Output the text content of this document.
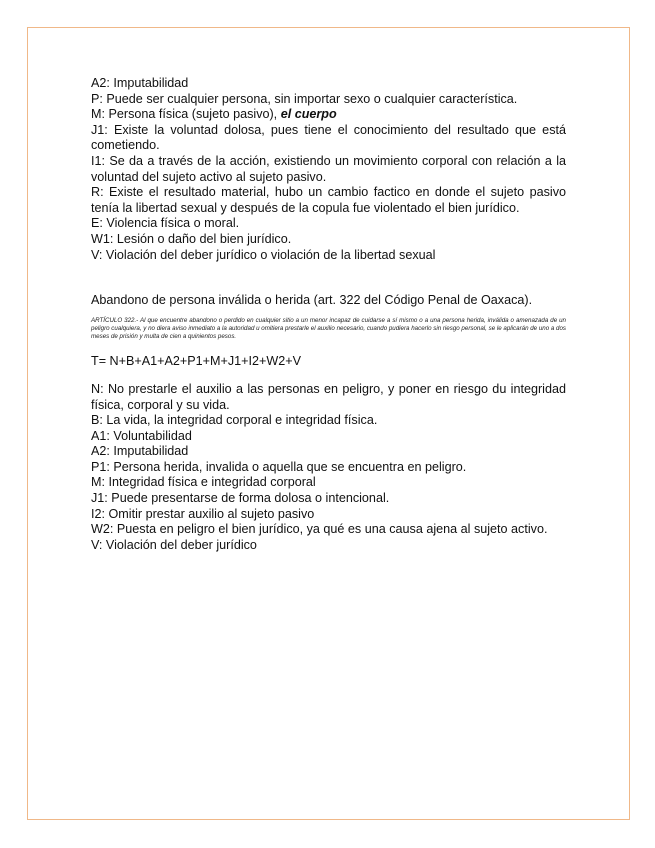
A2: Imputabilidad

P: Puede ser cualquier persona, sin importar sexo o cualquier característica.

M: Persona física (sujeto pasivo), el cuerpo

J1: Existe la voluntad dolosa, pues tiene el conocimiento del resultado que está cometiendo.

I1: Se da a través de la acción, existiendo un movimiento corporal con relación a la voluntad del sujeto activo al sujeto pasivo.

R: Existe el resultado material, hubo un cambio factico en donde el sujeto pasivo tenía la libertad sexual y después de la copula fue violentado el bien jurídico.

E: Violencia física o moral.

W1: Lesión o daño del bien jurídico.

V: Violación del deber jurídico o violación de la libertad sexual

Abandono de persona inválida o herida (art. 322 del Código Penal de Oaxaca).

ARTÍCULO 322.- Al que encuentre abandono o perdido en cualquier sitio a un menor incapaz de cuidarse a sí mismo o a una persona herida, inválida o amenazada de un peligro cualquiera, y no diera aviso inmediato a la autoridad u omitiera prestarle el auxilio necesario, cuando pudiera hacerlo sin riesgo personal, se le aplicarán de uno a dos meses de prisión y multa de cien a quinientos pesos.

T= N+B+A1+A2+P1+M+J1+I2+W2+V

N: No prestarle el auxilio a las personas en peligro, y poner en riesgo du integridad física, corporal y su vida.

B: La vida, la integridad corporal e integridad física.

A1: Voluntabilidad

A2: Imputabilidad

P1: Persona herida, invalida o aquella que se encuentra en peligro.

M: Integridad física e integridad corporal

J1: Puede presentarse de forma dolosa o intencional.

I2: Omitir prestar auxilio al sujeto pasivo

W2: Puesta en peligro el bien jurídico, ya qué es una causa ajena al sujeto activo.

V: Violación del deber jurídico
